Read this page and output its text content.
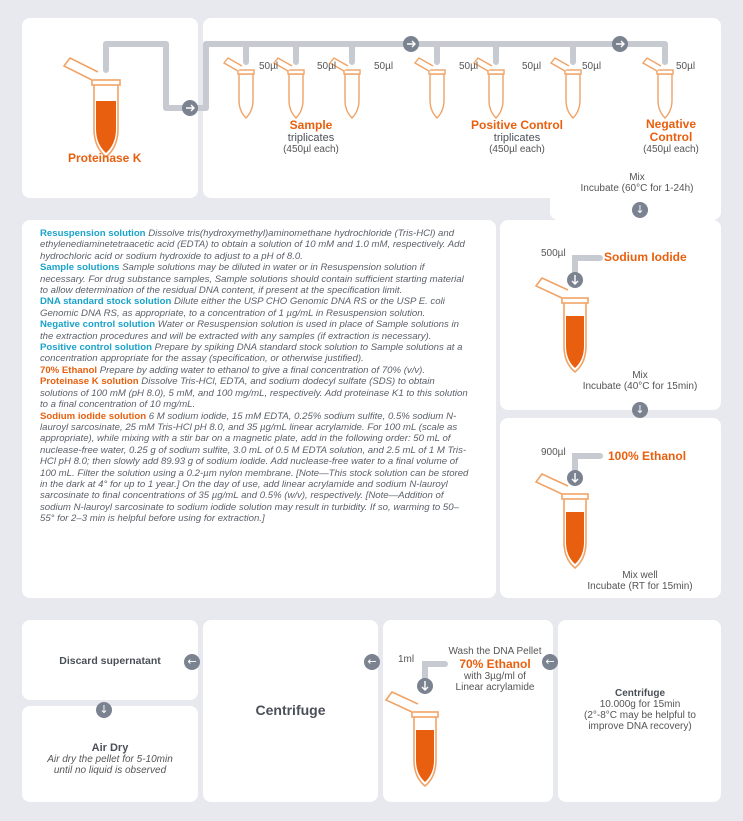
Proteinase K
50µl	50µl	50µl	50µl	50µl	50µl	50µl
Sample
triplicates
(450µl each)
Positive Control
triplicates
(450µl each)
Negative
Control
(450µl each)
Mix
Incubate (60°C for 1-24h)
↓
Resuspension solution Dissolve tris(hydroxymethyl)aminomethane hydrochloride (Tris-HCl) and ethylenediaminetetraacetic acid (EDTA) to obtain a solution of 10 mM and 1.0 mM, respectively. Add hydrochloric acid or sodium hydroxide to adjust to a pH of 8.0.
Sample solutions Sample solutions may be diluted in water or in Resuspension solution if necessary. For drug substance samples, Sample solutions should contain sufficient starting material to allow determination of the residual DNA content, if present at the specification limit.
DNA standard stock solution Dilute either the USP CHO Genomic DNA RS or the USP E. coli Genomic DNA RS, as appropriate, to a concentration of 1 µg/mL in Resuspension solution.
Negative control solution Water or Resuspension solution is used in place of Sample solutions in the extraction procedures and will be extracted with any samples (if extraction is necessary).
Positive control solution Prepare by spiking DNA standard stock solution to Sample solutions at a concentration appropriate for the assay (specification, or otherwise justified).
70% Ethanol Prepare by adding water to ethanol to give a final concentration of 70% (v/v).
Proteinase K solution Dissolve Tris-HCl, EDTA, and sodium dodecyl sulfate (SDS) to obtain solutions of 100 mM (pH 8.0), 5 mM, and 100 mg/mL, respectively. Add proteinase K1 to this solution to a final concentration of 10 mg/mL.
Sodium iodide solution 6 M sodium iodide, 15 mM EDTA, 0.25% sodium sulfite, 0.5% sodium N-lauroyl sarcosinate, 25 mM Tris-HCl pH 8.0, and 35 µg/mL linear acrylamide. For 100 mL (scale as appropriate), while mixing with a stir bar on a magnetic plate, add in the following order: 50 mL of nuclease-free water, 0.25 g of sodium sulfite, 3.0 mL of 0.5 M EDTA solution, and 2.5 mL of 1 M Tris-HCl pH 8.0; then slowly add 89.93 g of sodium iodide. Add nuclease-free water to a final volume of 100 mL. Filter the solution using a 0.2-µm nylon membrane. [Note—This stock solution can be stored in the dark at 4° for up to 1 year.] On the day of use, add linear acrylamide and sodium N-lauroyl sarcosinate to final concentrations of 35 µg/mL and 0.5% (w/v), respectively. [Note—Addition of sodium N-lauroyl sarcosinate to sodium iodide solution may result in turbidity. If so, warming to 50–55° for 2–3 min is helpful before using for extraction.]
500µl	Sodium Iodide
Mix
Incubate (40°C for 15min)
↓
900µl	100% Ethanol
Mix well
Incubate (RT for 15min)
←
←
←
↓
Centrifuge
10.000g for 15min
(2°-8°C may be helpful to
improve DNA recovery)
1ml
Wash the DNA Pellet
70% Ethanol
with 3µg/ml of
Linear acrylamide
Centrifuge
Discard supernatant
Air Dry
Air dry the pellet for 5-10min
until no liquid is observed
